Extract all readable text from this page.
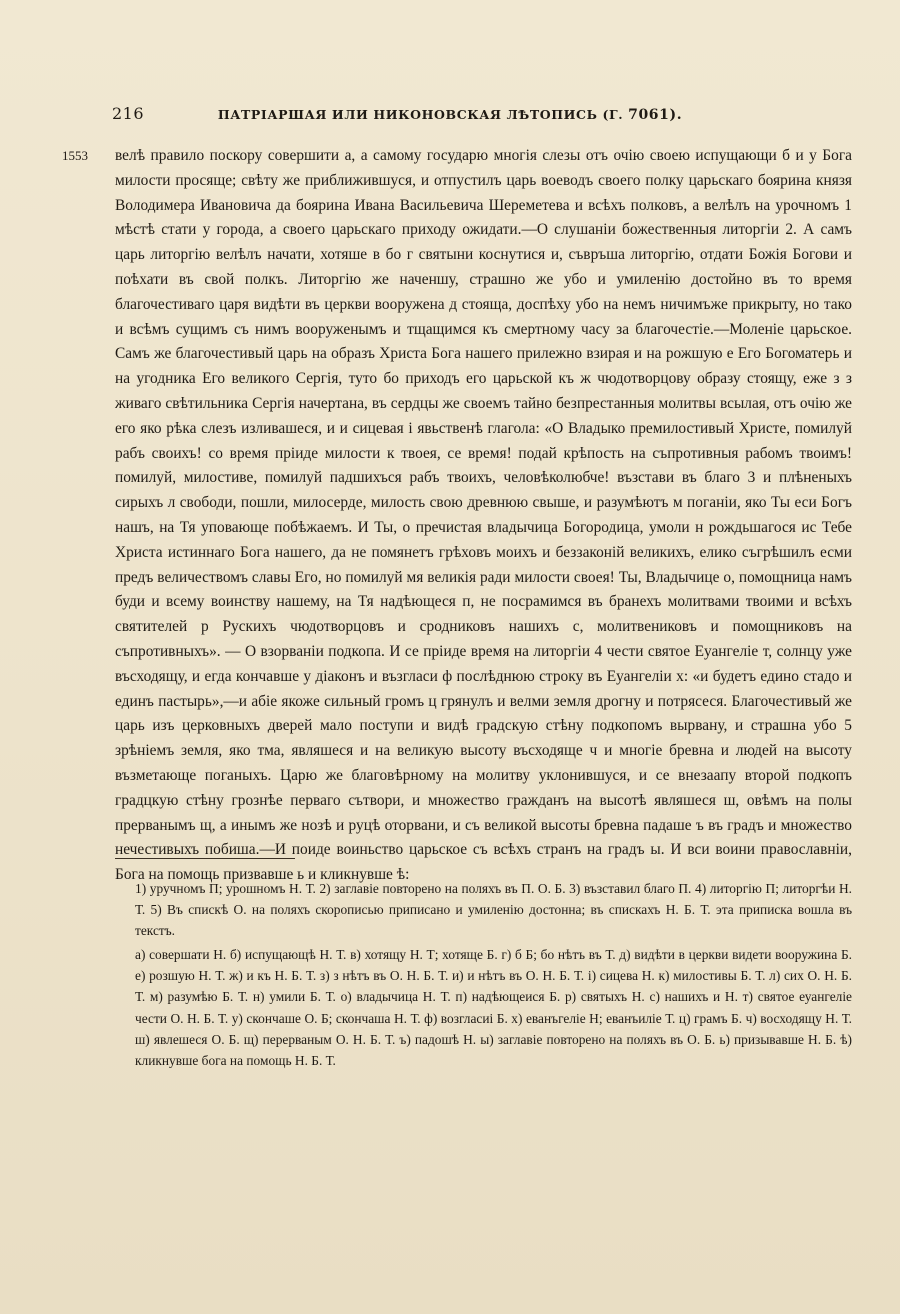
216	ПАТРІАРШАЯ ИЛИ НИКОНОВСКАЯ ЛѢТОПИСЬ (Г. 7061).
1553 велѣ правило поскору совершити а, а самому государю многія слезы отъ очію своею испущающи б и у Бога милости просяще; свѣту же приближившуся, и отпустилъ царь воеводъ своего полку царьскаго боярина князя Володимера Ивановича да боярина Ивана Васильевича Шереметева и всѣхъ полковъ, а велѣлъ на урочномъ 1 мѣстѣ стати у города, а своего царьскаго приходу ожидати.—О слушаніи божественныя литоргіи 2. А самъ царь литоргію велѣлъ начати, хотяше в бо г святыни коснутися и, съвръша литоргію, отдати Божія Богови и поѣхати въ свой полкъ. Литоргію же наченшу, страшно же убо и умиленію достойно въ то время благочестиваго царя видѣти въ церкви вооружена д стояща, доспѣху убо на немъ ничимъже прикрыту, но тако и всѣмъ сущимъ съ нимъ вооруженымъ и тщащимся къ смертному часу за благочестіе.—Моленіе царьское. Самъ же благочестивый царь на образъ Христа Бога нашего прилежно взирая и на рожшую е Его Богоматерь и на угодника Его великого Сергія, туто бо приходъ его царьской къ ж чюдотворцову образу стоящу, еже з з живаго свѣтильника Сергія начертана, въ сердцы же своемъ тайно безпрестанныя молитвы всылая, отъ очію же его яко рѣка слезъ изливашеся, и и сицевая і явьственѣ глагола: «О Владыко премилостивый Христе, помилуй рабъ своихъ! со время пріиде милости к твоея, се время! подай крѣпость на съпротивныя рабомъ твоимъ! помилуй, милостиве, помилуй падшихъся рабъ твоихъ, человѣколюбче! възстави въ благо 3 и плѣненыхъ сирыхъ л свободи, пошли, милосерде, милость свою древнюю свыше, и разумѣютъ м поганіи, яко Ты еси Богъ нашъ, на Тя уповающе побѣжаемъ. И Ты, о пречистая владычица Богородица, умоли н рождьшагося ис Тебе Христа истиннаго Бога нашего, да не помянетъ грѣховъ моихъ и беззаконій великихъ, елико съгрѣшилъ есми предъ величествомъ славы Его, но помилуй мя великія ради милости своея! Ты, Владычице о, помощница намъ буди и всему воинству нашему, на Тя надѣющеся п, не посрамимся въ бранехъ молитвами твоими и всѣхъ святителей р Рускихъ чюдотворцовъ и сродниковъ нашихъ с, молитвениковъ и помощниковъ на съпротивныхъ». — О взорваніи подкопа. И се пріиде время на литоргіи 4 чести святое Еуангеліе т, солнцу уже въсходящу, и егда кончавше у діаконъ и възгласи ф послѣднюю строку въ Еуангеліи х: «и будетъ едино стадо и единъ пастырь»,—и абіе якоже сильный громъ ц грянулъ и велми земля дрогну и потрясеся. Благочестивый же царь изъ церковныхъ дверей мало поступи и видѣ градскую стѣну подкопомъ вырвану, и страшна убо 5 зрѣніемъ земля, яко тма, являшеся и на великую высоту въсходяще ч и многіе бревна и людей на высоту възметающе поганыхъ. Царю же благовѣрному на молитву уклонившуся, и се внезаапу второй подкопъ градцкую стѣну грознѣе перваго сътвори, и множество гражданъ на высотѣ являшеся ш, овѣмъ на полы прерванымъ щ, а инымъ же нозѣ и руцѣ оторвани, и съ великой высоты бревна падаше ъ въ градъ и множество нечестивыхъ побиша.—И поиде воиньство царьское съ всѣхъ странъ на градъ ы. И вси воини православніи, Бога на помощь призвавше ь и кликнувше ѣ:

1) уручномъ П; урошномъ Н. Т. 2) заглавіе повторено на поляхъ въ П. О. Б. 3) възставил благо П. 4) литоргію П; литоргѣи Н. Т. 5) Въ спискѣ О. на поляхъ скорописью приписано и умиленію достонна; въ спискахъ Н. Б. Т. эта приписка вошла въ текстъ.

а) совершати Н. б) испущающѣ Н. Т. в) хотящу Н. Т; хотяще Б. г) б Б; бо нѣтъ въ Т. д) видѣти в церкви видети вооружина Б. е) розшую Н. Т. ж) и къ Н. Б. Т. з) з нѣтъ въ О. Н. Б. Т. и) и нѣтъ въ О. Н. Б. Т. і) сицева Н. к) милостивы Б. Т. л) сих О. Н. Б. Т. м) разумѣю Б. Т. н) умили Б. Т. о) владычица Н. Т. п) надѣющеися Б. р) святыхъ Н. с) нашихъ и Н. т) святое еуангеліе чести О. Н. Б. Т. у) скончаше О. Б; скончаша Н. Т. ф) возгласиі Б. х) еванъгеліе Н; еванъиліе Т. ц) грамъ Б. ч) восходящу Н. Т. ш) явлешеся О. Б. щ) перерваным О. Н. Б. Т. ъ) падошѣ Н. ы) заглавіе повторено на поляхъ въ О. Б. ь) призывавше Н. Б. ѣ) кликнувше бога на помощь Н. Б. Т.
